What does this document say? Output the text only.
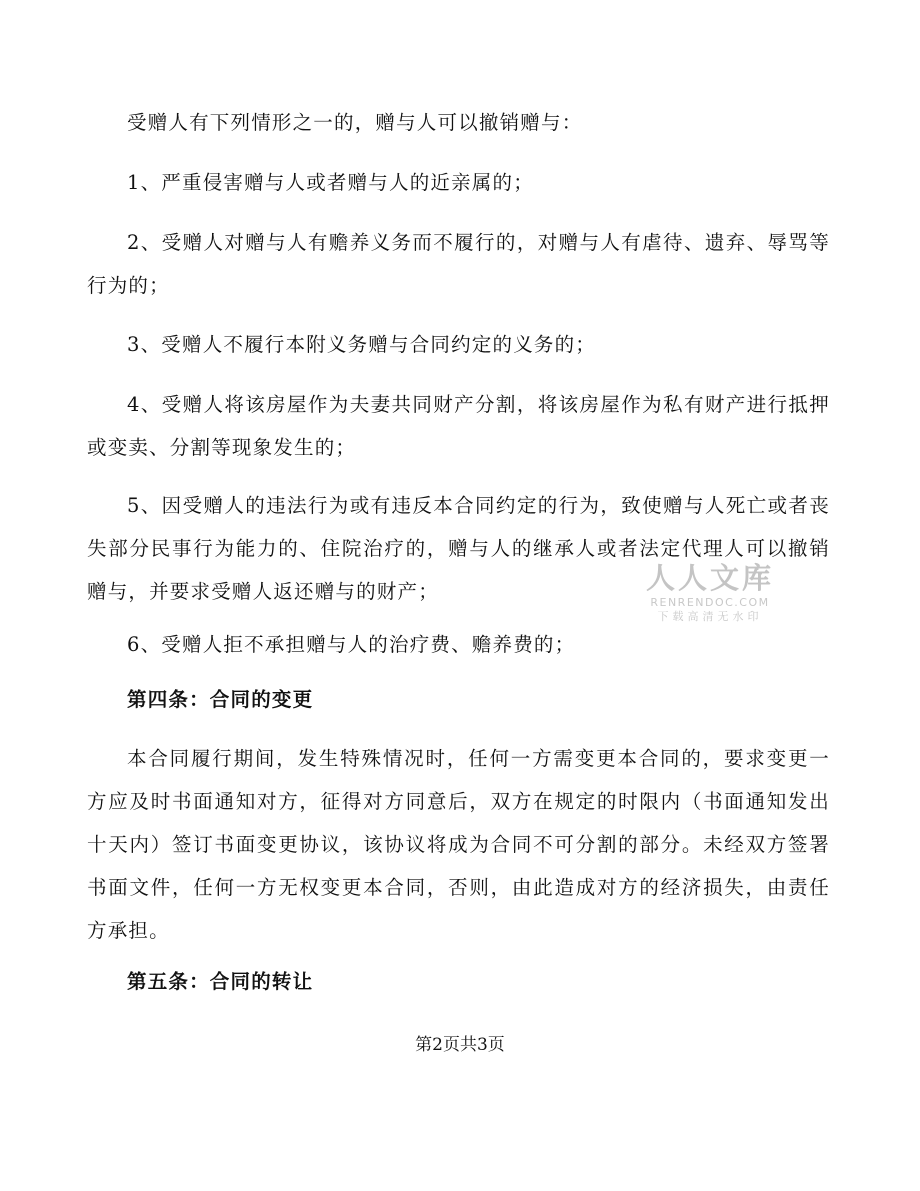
受赠人有下列情形之一的，赠与人可以撤销赠与：

1、严重侵害赠与人或者赠与人的近亲属的；

2、受赠人对赠与人有赡养义务而不履行的，对赠与人有虐待、遗弃、辱骂等行为的；

3、受赠人不履行本附义务赠与合同约定的义务的；

4、受赠人将该房屋作为夫妻共同财产分割，将该房屋作为私有财产进行抵押或变卖、分割等现象发生的；

5、因受赠人的违法行为或有违反本合同约定的行为，致使赠与人死亡或者丧失部分民事行为能力的、住院治疗的，赠与人的继承人或者法定代理人可以撤销赠与，并要求受赠人返还赠与的财产；

6、受赠人拒不承担赠与人的治疗费、赡养费的；

第四条：合同的变更

本合同履行期间，发生特殊情况时，任何一方需变更本合同的，要求变更一方应及时书面通知对方，征得对方同意后，双方在规定的时限内（书面通知发出十天内）签订书面变更协议，该协议将成为合同不可分割的部分。未经双方签署书面文件，任何一方无权变更本合同，否则，由此造成对方的经济损失，由责任方承担。

第五条：合同的转让

人人文库
RENRENDOC.COM
下载高清无水印
第2页共3页
